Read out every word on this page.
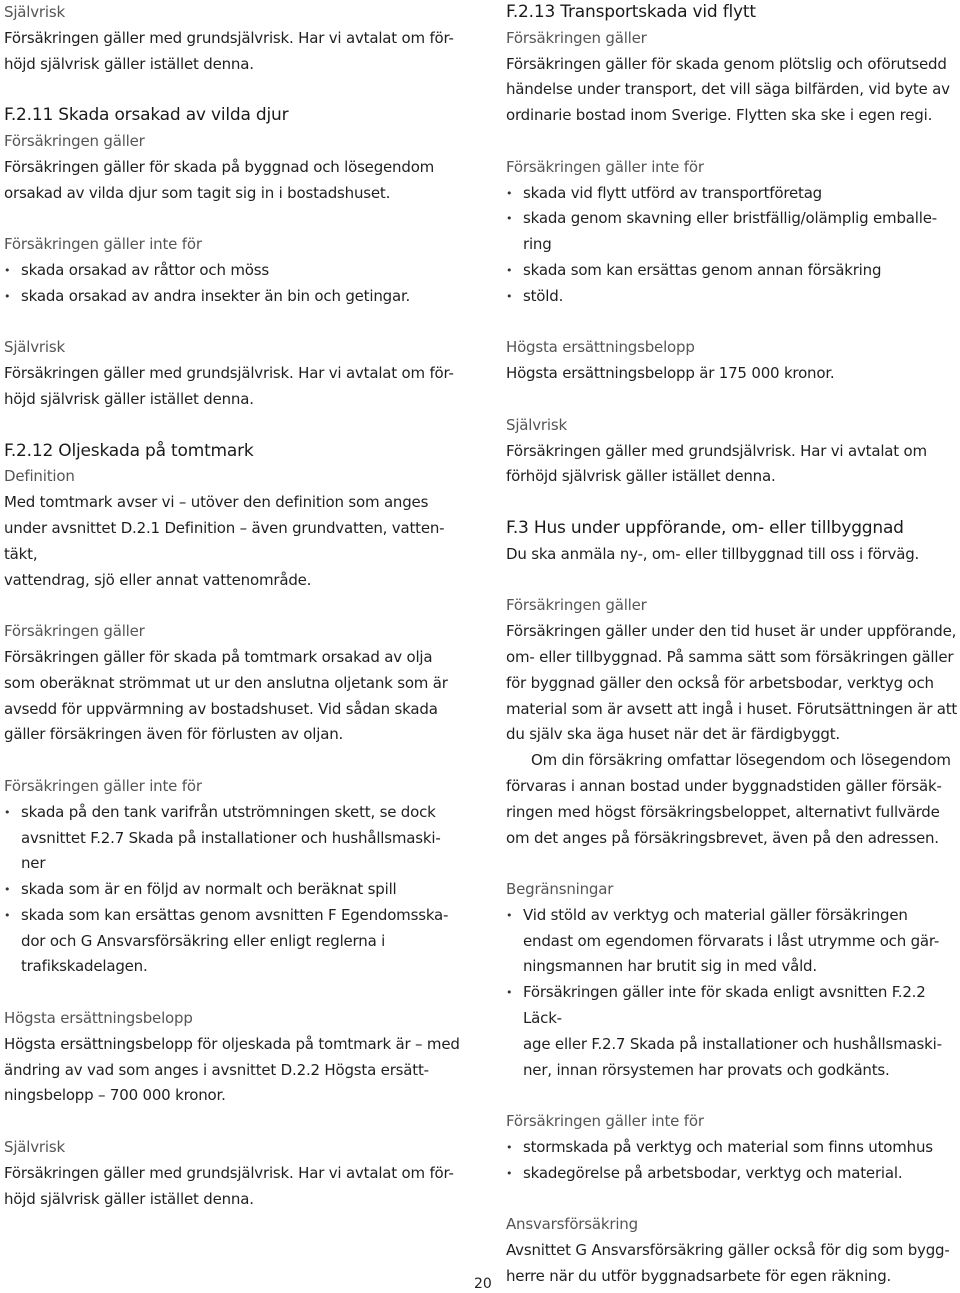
Självrisk

Försäkringen gäller med grundsjälvrisk. Har vi avtalat om för-

höjd självrisk gäller istället denna.

F.2.11 Skada orsakad av vilda djur

Försäkringen gäller

Försäkringen gäller för skada på byggnad och lösegendom

orsakad av vilda djur som tagit sig in i bostadshuset.

Försäkringen gäller inte för

• skada orsakad av råttor och möss
• skada orsakad av andra insekter än bin och getingar.

Självrisk

Försäkringen gäller med grundsjälvrisk. Har vi avtalat om för-

höjd självrisk gäller istället denna.

F.2.12 Oljeskada på tomtmark

Definition

Med tomtmark avser vi – utöver den definition som anges

under avsnittet D.2.1 Definition – även grundvatten, vatten-

täkt,

vattendrag, sjö eller annat vattenområde.

Försäkringen gäller

Försäkringen gäller för skada på tomtmark orsakad av olja

som oberäknat strömmat ut ur den anslutna oljetank som är

avsedd för uppvärmning av bostadshuset. Vid sådan skada

gäller försäkringen även för förlusten av oljan.

Försäkringen gäller inte för

• skada på den tank varifrån utströmningen skett, se dock
avsnittet F.2.7 Skada på installationer och hushållsmaski-
ner
• skada som är en följd av normalt och beräknat spill
• skada som kan ersättas genom avsnitten F Egendomsska-
dor och G Ansvarsförsäkring eller enligt reglerna i
trafikskadelagen.

Högsta ersättningsbelopp

Högsta ersättningsbelopp för oljeskada på tomtmark är – med

ändring av vad som anges i avsnittet D.2.2 Högsta ersätt-

ningsbelopp – 700 000 kronor.

Självrisk

Försäkringen gäller med grundsjälvrisk. Har vi avtalat om för-

höjd självrisk gäller istället denna.

F.2.13 Transportskada vid flytt

Försäkringen gäller

Försäkringen gäller för skada genom plötslig och oförutsedd

händelse under transport, det vill säga bilfärden, vid byte av

ordinarie bostad inom Sverige. Flytten ska ske i egen regi.

Försäkringen gäller inte för

• skada vid flytt utförd av transportföretag
• skada genom skavning eller bristfällig/olämplig emballe-
ring
• skada som kan ersättas genom annan försäkring
• stöld.

Högsta ersättningsbelopp

Högsta ersättningsbelopp är 175 000 kronor.

Självrisk

Försäkringen gäller med grundsjälvrisk. Har vi avtalat om

förhöjd självrisk gäller istället denna.

F.3 Hus under uppförande, om- eller tillbyggnad

Du ska anmäla ny-, om- eller tillbyggnad till oss i förväg.

Försäkringen gäller

Försäkringen gäller under den tid huset är under uppförande,

om- eller tillbyggnad. På samma sätt som försäkringen gäller

för byggnad gäller den också för arbetsbodar, verktyg och

material som är avsett att ingå i huset. Förutsättningen är att

du själv ska äga huset när det är färdigbyggt.

Om din försäkring omfattar lösegendom och lösegendom

förvaras i annan bostad under byggnadstiden gäller försäk-

ringen med högst försäkringsbeloppet, alternativt fullvärde

om det anges på försäkringsbrevet, även på den adressen.

Begränsningar

• Vid stöld av verktyg och material gäller försäkringen
endast om egendomen förvarats i låst utrymme och gär-
ningsmannen har brutit sig in med våld.
• Försäkringen gäller inte för skada enligt avsnitten F.2.2 Läck-
age eller F.2.7 Skada på installationer och hushållsmaski-
ner, innan rörsystemen har provats och godkänts.

Försäkringen gäller inte för

• stormskada på verktyg och material som finns utomhus
• skadegörelse på arbetsbodar, verktyg och material.

Ansvarsförsäkring

Avsnittet G Ansvarsförsäkring gäller också för dig som bygg-

herre när du utför byggnadsarbete för egen räkning.

20
